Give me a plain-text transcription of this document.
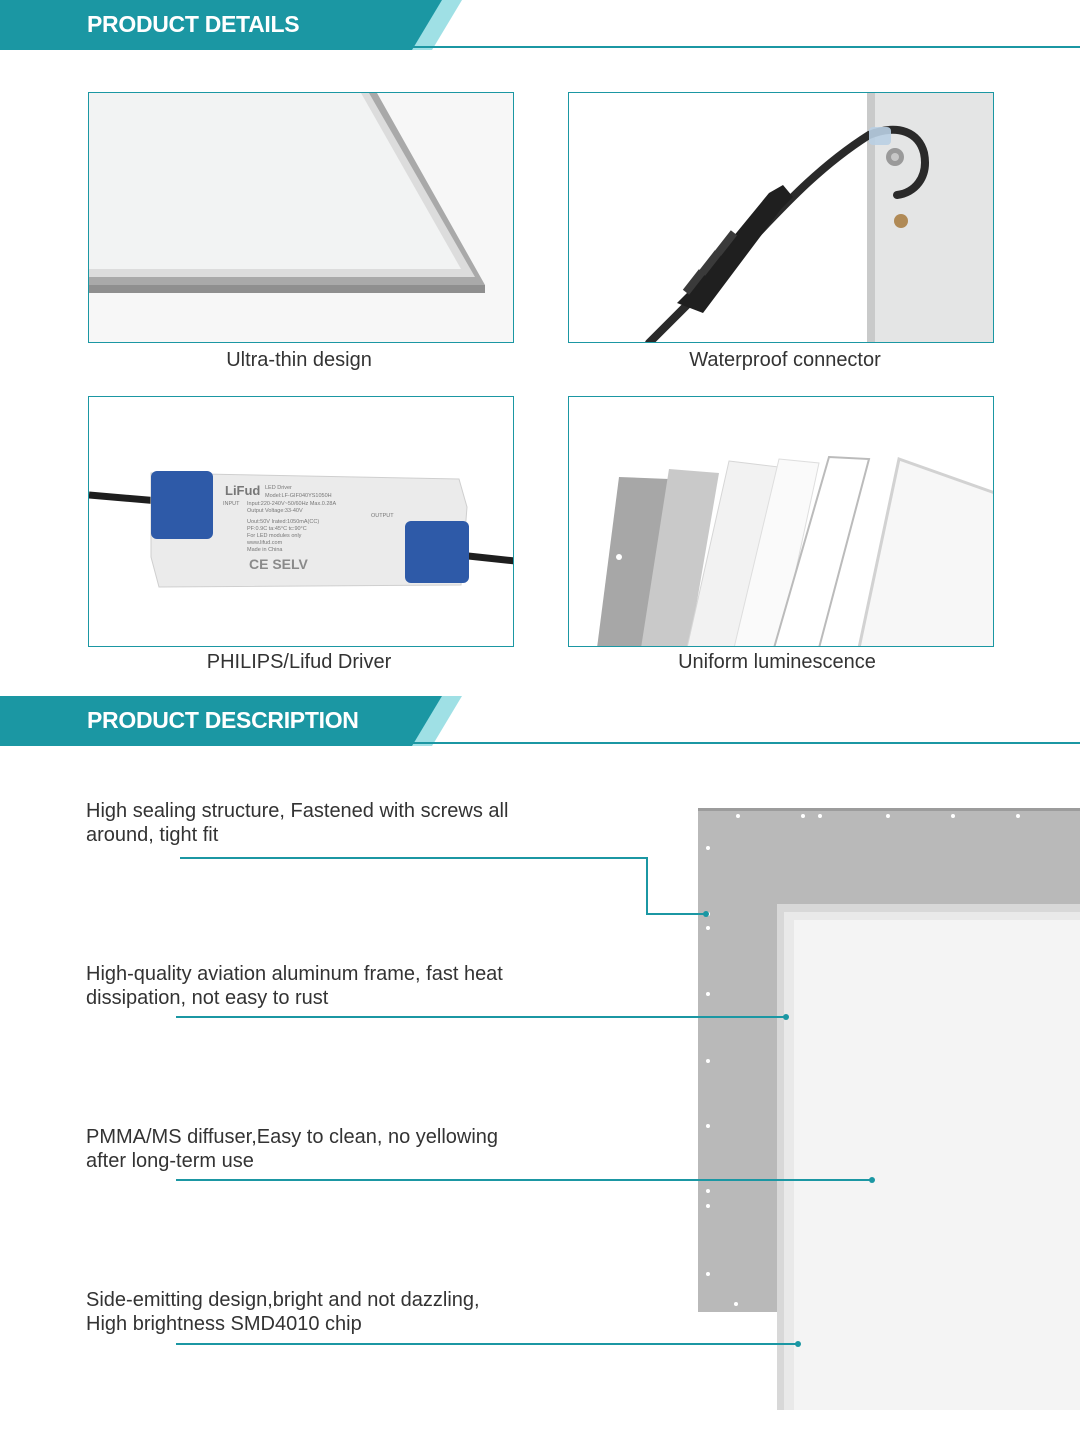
PRODUCT DETAILS
Ultra-thin design	Waterproof connector
LiFud LED Driver
Model:LF-GIF040YS1050H
Input:220-240V~50/60Hz Max.0.28A
Output Voltage:33-40V
Uout:50V Irated:1050mA(CC)
PF:0.9C ta:45°C tc:90°C
For LED modules only
www.lifud.com
Made in China
INPUT
OUTPUT
CE SELV
PHILIPS/Lifud Driver	Uniform luminescence
PRODUCT DESCRIPTION
High sealing structure, Fastened with screws all
around, tight fit
High-quality aviation aluminum frame, fast heat
dissipation, not easy to rust
PMMA/MS diffuser,Easy to clean, no yellowing
after long-term use
Side-emitting design,bright and not dazzling,
High brightness SMD4010 chip
